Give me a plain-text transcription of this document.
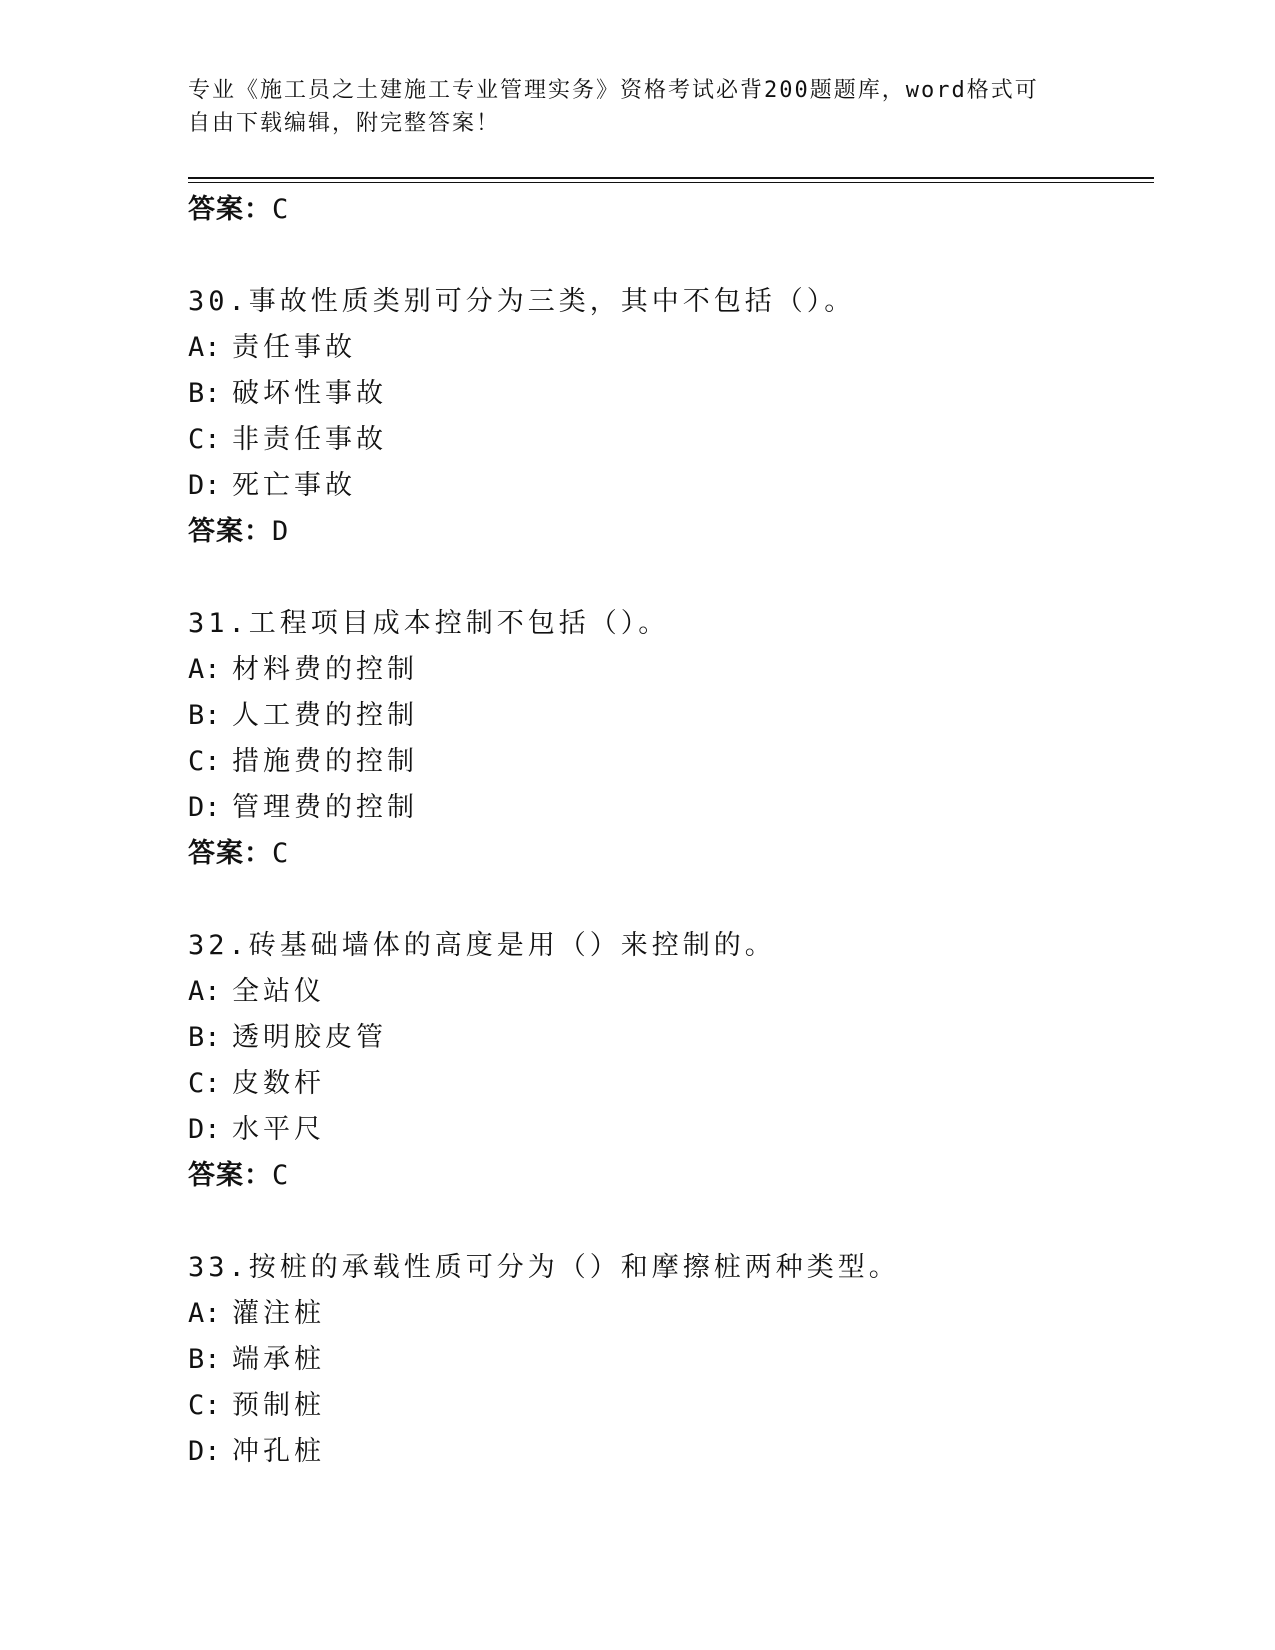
专业《施工员之土建施工专业管理实务》资格考试必背200题题库，word格式可
自由下载编辑，附完整答案！
答案：C
30.事故性质类别可分为三类，其中不包括（）。
A: 责任事故
B: 破坏性事故
C: 非责任事故
D: 死亡事故
答案：D
31.工程项目成本控制不包括（）。
A: 材料费的控制
B: 人工费的控制
C: 措施费的控制
D: 管理费的控制
答案：C
32.砖基础墙体的高度是用（）来控制的。
A: 全站仪
B: 透明胶皮管
C: 皮数杆
D: 水平尺
答案：C
33.按桩的承载性质可分为（）和摩擦桩两种类型。
A: 灌注桩
B: 端承桩
C: 预制桩
D: 冲孔桩
